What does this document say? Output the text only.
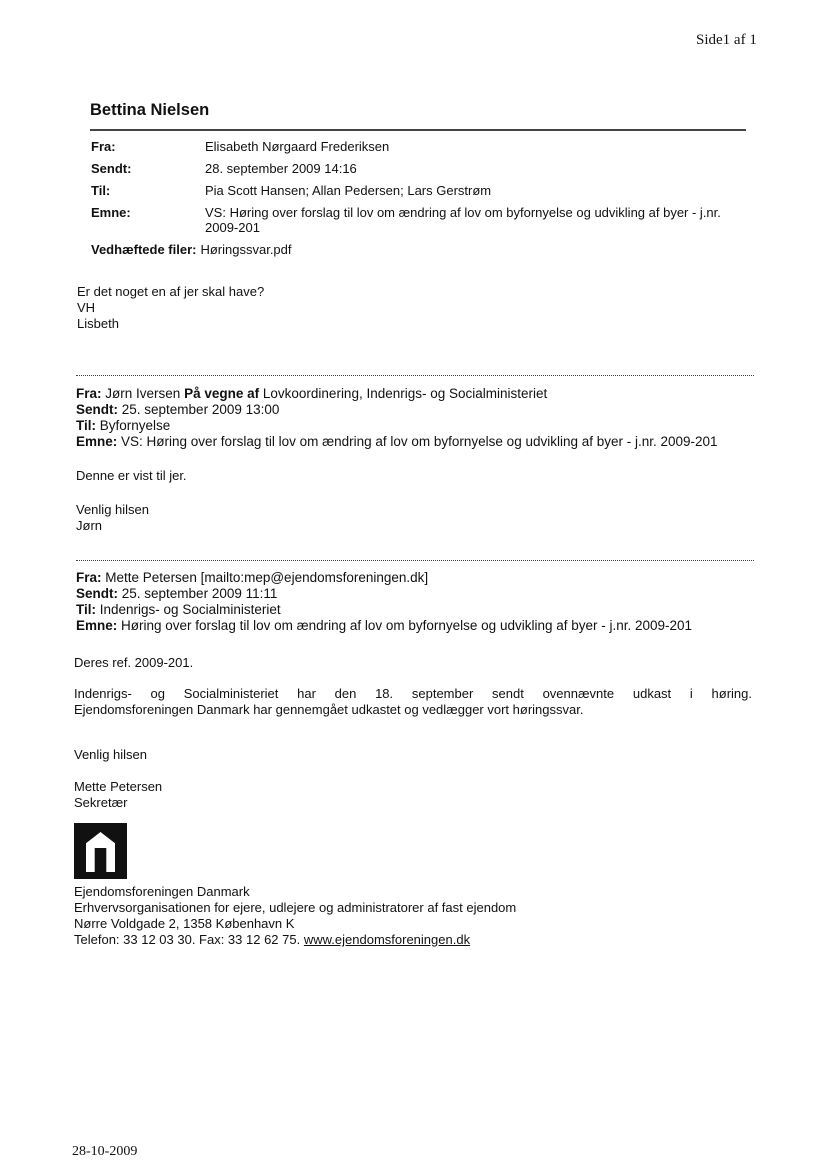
Side1 af 1
Bettina Nielsen
Fra:	Elisabeth Nørgaard Frederiksen
Sendt:	28. september 2009 14:16
Til:	Pia Scott Hansen; Allan Pedersen; Lars Gerstrøm
Emne:	VS: Høring over forslag til lov om ændring af lov om byfornyelse og udvikling af byer - j.nr. 2009-201
Vedhæftede filer: Høringssvar.pdf
Er det noget en af jer skal have?
VH
Lisbeth
Fra: Jørn Iversen På vegne af Lovkoordinering, Indenrigs- og Socialministeriet
Sendt: 25. september 2009 13:00
Til: Byfornyelse
Emne: VS: Høring over forslag til lov om ændring af lov om byfornyelse og udvikling af byer - j.nr. 2009-201
Denne er vist til jer.
Venlig hilsen
Jørn
Fra: Mette Petersen [mailto:mep@ejendomsforeningen.dk]
Sendt: 25. september 2009 11:11
Til: Indenrigs- og Socialministeriet
Emne: Høring over forslag til lov om ændring af lov om byfornyelse og udvikling af byer - j.nr. 2009-201
Deres ref. 2009-201.
Indenrigs- og Socialministeriet har den 18. september sendt ovennævnte udkast i høring.
Ejendomsforeningen Danmark har gennemgået udkastet og vedlægger vort høringssvar.
Venlig hilsen
Mette Petersen
Sekretær
Ejendomsforeningen Danmark
Erhvervsorganisationen for ejere, udlejere og administratorer af fast ejendom
Nørre Voldgade 2, 1358 København K
Telefon: 33 12 03 30. Fax: 33 12 62 75. www.ejendomsforeningen.dk
28-10-2009
